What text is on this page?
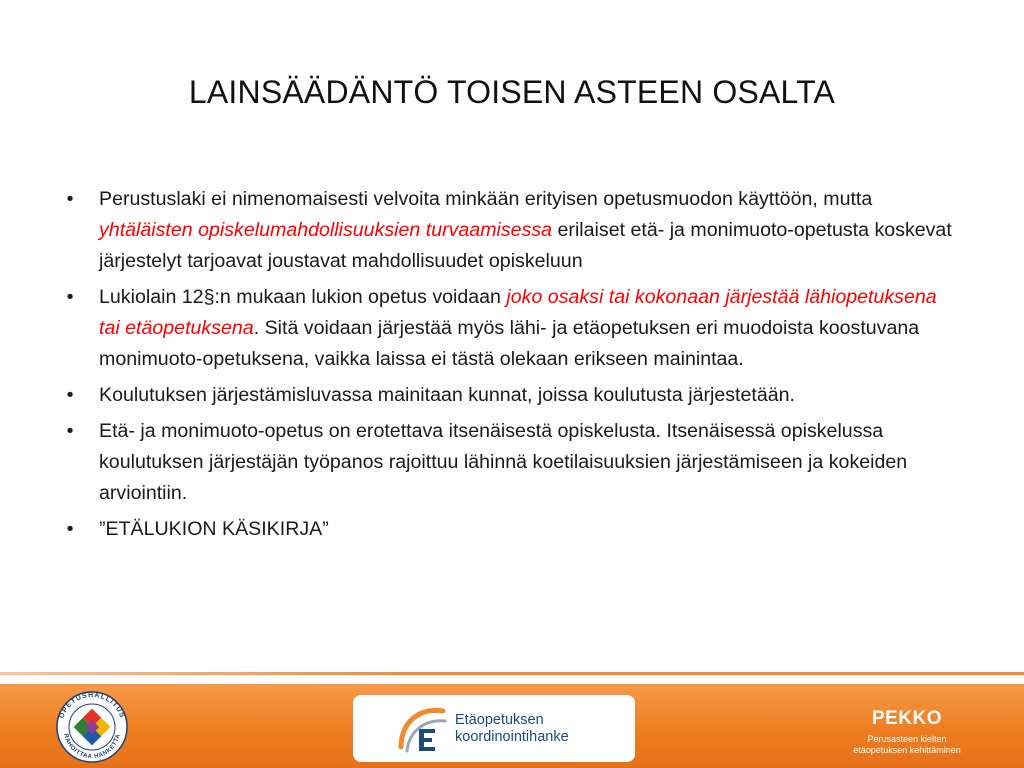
LAINSÄÄDÄNTÖ TOISEN ASTEEN OSALTA
•	Perustuslaki ei nimenomaisesti velvoita minkään erityisen opetusmuodon käyttöön, mutta yhtäläisten opiskelumahdollisuuksien turvaamisessa erilaiset etä- ja monimuoto-opetusta koskevat järjestelyt tarjoavat joustavat mahdollisuudet opiskeluun
•	Lukiolain 12§:n mukaan lukion opetus voidaan joko osaksi tai kokonaan järjestää lähiopetuksena tai etäopetuksena. Sitä voidaan järjestää myös lähi- ja etäopetuksen eri muodoista koostuvana monimuoto-opetuksena, vaikka laissa ei tästä olekaan erikseen mainintaa.
•	Koulutuksen järjestämisluvassa mainitaan kunnat, joissa koulutusta järjestetään.
•	Etä- ja monimuoto-opetus on erotettava itsenäisestä opiskelusta. Itsenäisessä opiskelussa koulutuksen järjestäjän työpanos rajoittuu lähinnä koetilaisuuksien järjestämiseen ja kokeiden arviointiin.
•	”ETÄLUKION KÄSIKIRJA”
OPETUSHALLITUS
RAHOITTAA HANKETTA
Etäopetuksen
koordinointihanke
PEKKO
Perusasteen kielten
etäopetuksen kehittäminen
